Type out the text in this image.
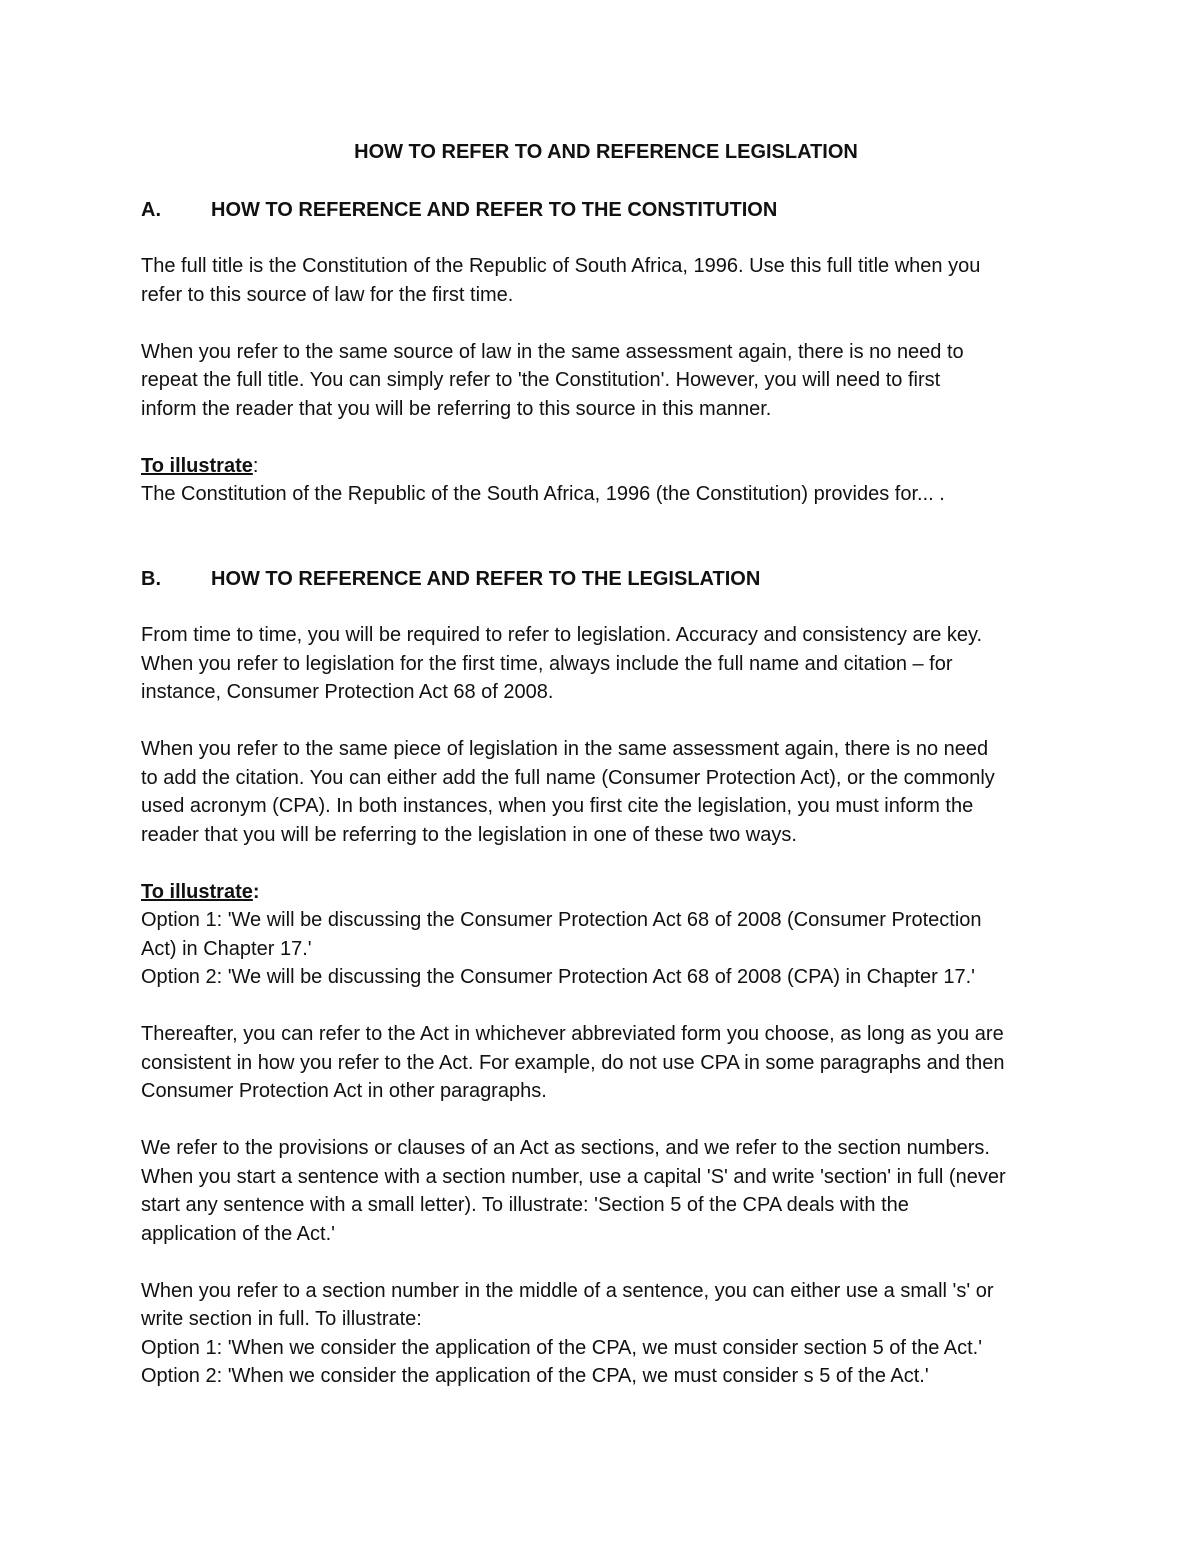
HOW TO REFER TO AND REFERENCE LEGISLATION
A.	HOW TO REFERENCE AND REFER TO THE CONSTITUTION
The full title is the Constitution of the Republic of South Africa, 1996. Use this full title when you
refer to this source of law for the first time.
When you refer to the same source of law in the same assessment again, there is no need to
repeat the full title. You can simply refer to 'the Constitution'. However, you will need to first
inform the reader that you will be referring to this source in this manner.
To illustrate:
The Constitution of the Republic of the South Africa, 1996 (the Constitution) provides for... .
B.	HOW TO REFERENCE AND REFER TO THE LEGISLATION
From time to time, you will be required to refer to legislation. Accuracy and consistency are key.
When you refer to legislation for the first time, always include the full name and citation – for
instance, Consumer Protection Act 68 of 2008.
When you refer to the same piece of legislation in the same assessment again, there is no need
to add the citation. You can either add the full name (Consumer Protection Act), or the commonly
used acronym (CPA). In both instances, when you first cite the legislation, you must inform the
reader that you will be referring to the legislation in one of these two ways.
To illustrate:
Option 1: 'We will be discussing the Consumer Protection Act 68 of 2008 (Consumer Protection
Act) in Chapter 17.'
Option 2: 'We will be discussing the Consumer Protection Act 68 of 2008 (CPA) in Chapter 17.'
Thereafter, you can refer to the Act in whichever abbreviated form you choose, as long as you are
consistent in how you refer to the Act. For example, do not use CPA in some paragraphs and then
Consumer Protection Act in other paragraphs.
We refer to the provisions or clauses of an Act as sections, and we refer to the section numbers.
When you start a sentence with a section number, use a capital 'S' and write 'section' in full (never
start any sentence with a small letter). To illustrate: 'Section 5 of the CPA deals with the
application of the Act.'
When you refer to a section number in the middle of a sentence, you can either use a small 's' or
write section in full. To illustrate:
Option 1: 'When we consider the application of the CPA, we must consider section 5 of the Act.'
Option 2: 'When we consider the application of the CPA, we must consider s 5 of the Act.'
